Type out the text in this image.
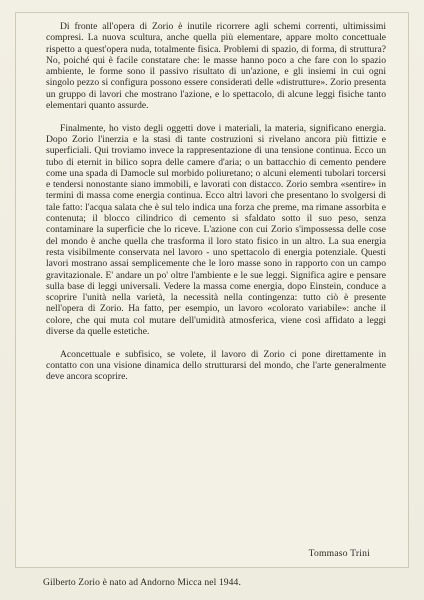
Di fronte all'opera di Zorio è inutile ricorrere agli schemi correnti, ultimissimi compresi. La nuova scultura, anche quella più elementare, appare molto concettuale rispetto a quest'opera nuda, totalmente fisica. Problemi di spazio, di forma, di struttura? No, poiché qui è facile constatare che: le masse hanno poco a che fare con lo spazio ambiente, le forme sono il passivo risultato di un'azione, e gli insiemi in cui ogni singolo pezzo si configura possono essere considerati delle «distrutture». Zorio presenta un gruppo di lavori che mostrano l'azione, e lo spettacolo, di alcune leggi fisiche tanto elementari quanto assurde.

Finalmente, ho visto degli oggetti dove i materiali, la materia, significano energia. Dopo Zorio l'inerzia e la stasi di tante costruzioni si rivelano ancora più fittizie e superficiali. Qui troviamo invece la rappresentazione di una tensione continua. Ecco un tubo di eternit in bilico sopra delle camere d'aria; o un battacchio di cemento pendere come una spada di Damocle sul morbido poliuretano; o alcuni elementi tubolari torcersi e tendersi nonostante siano immobili, e lavorati con distacco. Zorio sembra «sentire» in termini di massa come energia continua. Ecco altri lavori che presentano lo svolgersi di tale fatto: l'acqua salata che è sul telo indica una forza che preme, ma rimane assorbita e contenuta; il blocco cilindrico di cemento si sfaldato sotto il suo peso, senza contaminare la superficie che lo riceve. L'azione con cui Zorio s'impossessa delle cose del mondo è anche quella che trasforma il loro stato fisico in un altro. La sua energia resta visibilmente conservata nel lavoro - uno spettacolo di energia potenziale. Questi lavori mostrano assai semplicemente che le loro masse sono in rapporto con un campo gravitazionale. E' andare un po' oltre l'ambiente e le sue leggi. Significa agire e pensare sulla base di leggi universali. Vedere la massa come energia, dopo Einstein, conduce a scoprire l'unità nella varietà, la necessità nella contingenza: tutto ciò è presente nell'opera di Zorio. Ha fatto, per esempio, un lavoro «colorato variabile»: anche il colore, che qui muta col mutare dell'umidità atmosferica, viene così affidato a leggi diverse da quelle estetiche.

Aconcettuale e subfisico, se volete, il lavoro di Zorio ci pone direttamente in contatto con una visione dinamica dello strutturarsi del mondo, che l'arte generalmente deve ancora scoprire.

Tommaso Trini
Gilberto Zorio è nato ad Andorno Micca nel 1944.
